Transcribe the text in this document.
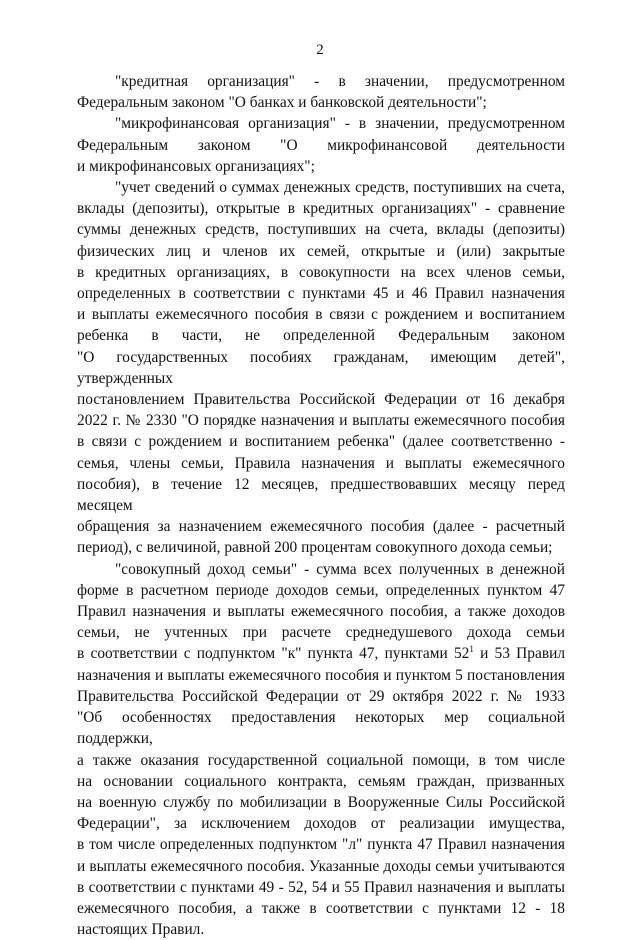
2
"кредитная организация" - в значении, предусмотренном
Федеральным законом "О банках и банковской деятельности";
"микрофинансовая организация" - в значении, предусмотренном
Федеральным законом "О микрофинансовой деятельности
и микрофинансовых организациях";
"учет сведений о суммах денежных средств, поступивших на счета,
вклады (депозиты), открытые в кредитных организациях" - сравнение
суммы денежных средств, поступивших на счета, вклады (депозиты)
физических лиц и членов их семей, открытые и (или) закрытые
в кредитных организациях, в совокупности на всех членов семьи,
определенных в соответствии с пунктами 45 и 46 Правил назначения
и выплаты ежемесячного пособия в связи с рождением и воспитанием
ребенка в части, не определенной Федеральным законом
"О государственных пособиях гражданам, имеющим детей", утвержденных
постановлением Правительства Российской Федерации от 16 декабря
2022 г. № 2330 "О порядке назначения и выплаты ежемесячного пособия
в связи с рождением и воспитанием ребенка" (далее соответственно -
семья, члены семьи, Правила назначения и выплаты ежемесячного
пособия), в течение 12 месяцев, предшествовавших месяцу перед месяцем
обращения за назначением ежемесячного пособия (далее - расчетный
период), с величиной, равной 200 процентам совокупного дохода семьи;
"совокупный доход семьи" - сумма всех полученных в денежной
форме в расчетном периоде доходов семьи, определенных пунктом 47
Правил назначения и выплаты ежемесячного пособия, а также доходов
семьи, не учтенных при расчете среднедушевого дохода семьи
в соответствии с подпунктом "к" пункта 47, пунктами $52^1$ и 53 Правил
назначения и выплаты ежемесячного пособия и пунктом 5 постановления
Правительства Российской Федерации от 29 октября 2022 г. № 1933
"Об особенностях предоставления некоторых мер социальной поддержки,
а также оказания государственной социальной помощи, в том числе
на основании социального контракта, семьям граждан, призванных
на военную службу по мобилизации в Вооруженные Силы Российской
Федерации", за исключением доходов от реализации имущества,
в том числе определенных подпунктом "л" пункта 47 Правил назначения
и выплаты ежемесячного пособия. Указанные доходы семьи учитываются
в соответствии с пунктами 49 - 52, 54 и 55 Правил назначения и выплаты
ежемесячного пособия, а также в соответствии с пунктами 12 - 18
настоящих Правил.
